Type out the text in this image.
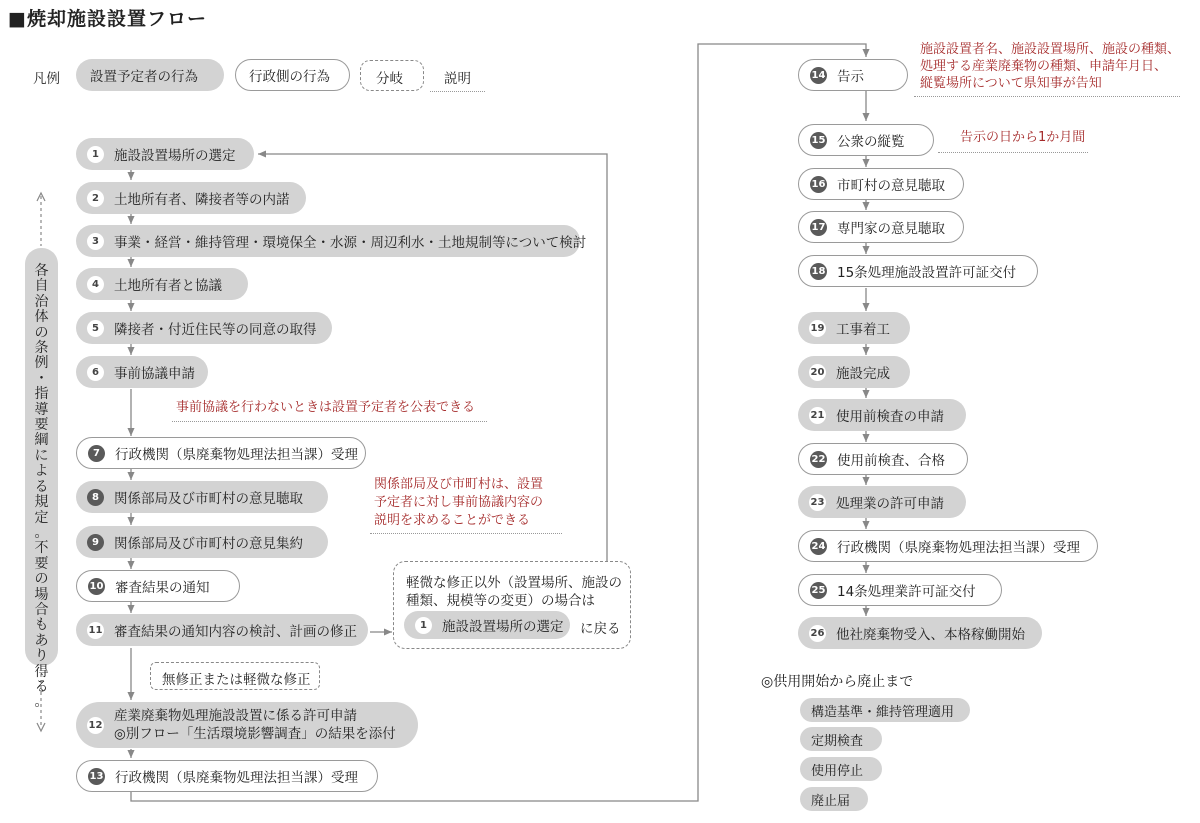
■焼却施設設置フロー
凡例 設置予定者の行為	行政側の行為	分岐	説明
各
自
治
体
の
条
例
・
指
導
要
綱
に
よ
る
規
定
。
不
要
の
場
合
も
あ
り
得
る
。
1	施設設置場所の選定
2	土地所有者、隣接者等の内諾
3	事業・経営・維持管理・環境保全・水源・周辺利水・土地規制等について検討
4	土地所有者と協議
5	隣接者・付近住民等の同意の取得
6	事前協議申請
事前協議を行わないときは設置予定者を公表できる
7	行政機関（県廃棄物処理法担当課）受理
8	関係部局及び市町村の意見聴取
9	関係部局及び市町村の意見集約
関係部局及び市町村は、設置
予定者に対し事前協議内容の
説明を求めることができる
10 審査結果の通知
11 審査結果の通知内容の検討、計画の修正
軽微な修正以外（設置場所、施設の
種類、規模等の変更）の場合は
1	施設設置場所の選定 に戻る
無修正または軽微な修正
12
産業廃棄物処理施設設置に係る許可申請
◎別フロー「生活環境影響調査」の結果を添付
13 行政機関（県廃棄物処理法担当課）受理
14 告示
15 公衆の縦覧
16 市町村の意見聴取
17 専門家の意見聴取
18 15条処理施設設置許可証交付
19 工事着工
20 施設完成
21 使用前検査の申請
22 使用前検査、合格
23 処理業の許可申請
24 行政機関（県廃棄物処理法担当課）受理
25 14条処理業許可証交付
26 他社廃棄物受入、本格稼働開始
施設設置者名、施設設置場所、施設の種類、
処理する産業廃棄物の種類、申請年月日、
縦覧場所について県知事が告知
告示の日から1か月間
◎供用開始から廃止まで
構造基準・維持管理適用
定期検査
使用停止
廃止届
